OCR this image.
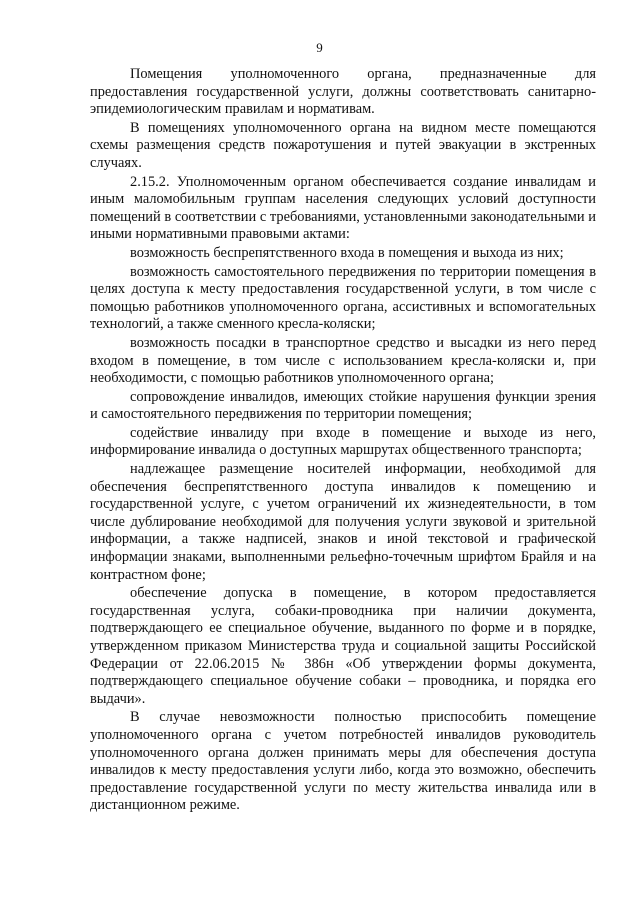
9

Помещения уполномоченного органа, предназначенные для предоставления государственной услуги, должны соответствовать санитарно-эпидемиологическим правилам и нормативам.

В помещениях уполномоченного органа на видном месте помещаются схемы размещения средств пожаротушения и путей эвакуации в экстренных случаях.

2.15.2. Уполномоченным органом обеспечивается создание инвалидам и иным маломобильным группам населения следующих условий доступности помещений в соответствии с требованиями, установленными законодательными и иными нормативными правовыми актами:

возможность беспрепятственного входа в помещения и выхода из них;

возможность самостоятельного передвижения по территории помещения в целях доступа к месту предоставления государственной услуги, в том числе с помощью работников уполномоченного органа, ассистивных и вспомогательных технологий, а также сменного кресла-коляски;

возможность посадки в транспортное средство и высадки из него перед входом в помещение, в том числе с использованием кресла-коляски и, при необходимости, с помощью работников уполномоченного органа;

сопровождение инвалидов, имеющих стойкие нарушения функции зрения и самостоятельного передвижения по территории помещения;

содействие инвалиду при входе в помещение и выходе из него, информирование инвалида о доступных маршрутах общественного транспорта;

надлежащее размещение носителей информации, необходимой для обеспечения беспрепятственного доступа инвалидов к помещению и государственной услуге, с учетом ограничений их жизнедеятельности, в том числе дублирование необходимой для получения услуги звуковой и зрительной информации, а также надписей, знаков и иной текстовой и графической информации знаками, выполненными рельефно-точечным шрифтом Брайля и на контрастном фоне;

обеспечение допуска в помещение, в котором предоставляется государственная услуга, собаки-проводника при наличии документа, подтверждающего ее специальное обучение, выданного по форме и в порядке, утвержденном приказом Министерства труда и социальной защиты Российской Федерации от 22.06.2015 № 386н «Об утверждении формы документа, подтверждающего специальное обучение собаки – проводника, и порядка его выдачи».

В случае невозможности полностью приспособить помещение уполномоченного органа с учетом потребностей инвалидов руководитель уполномоченного органа должен принимать меры для обеспечения доступа инвалидов к месту предоставления услуги либо, когда это возможно, обеспечить предоставление государственной услуги по месту жительства инвалида или в дистанционном режиме.
